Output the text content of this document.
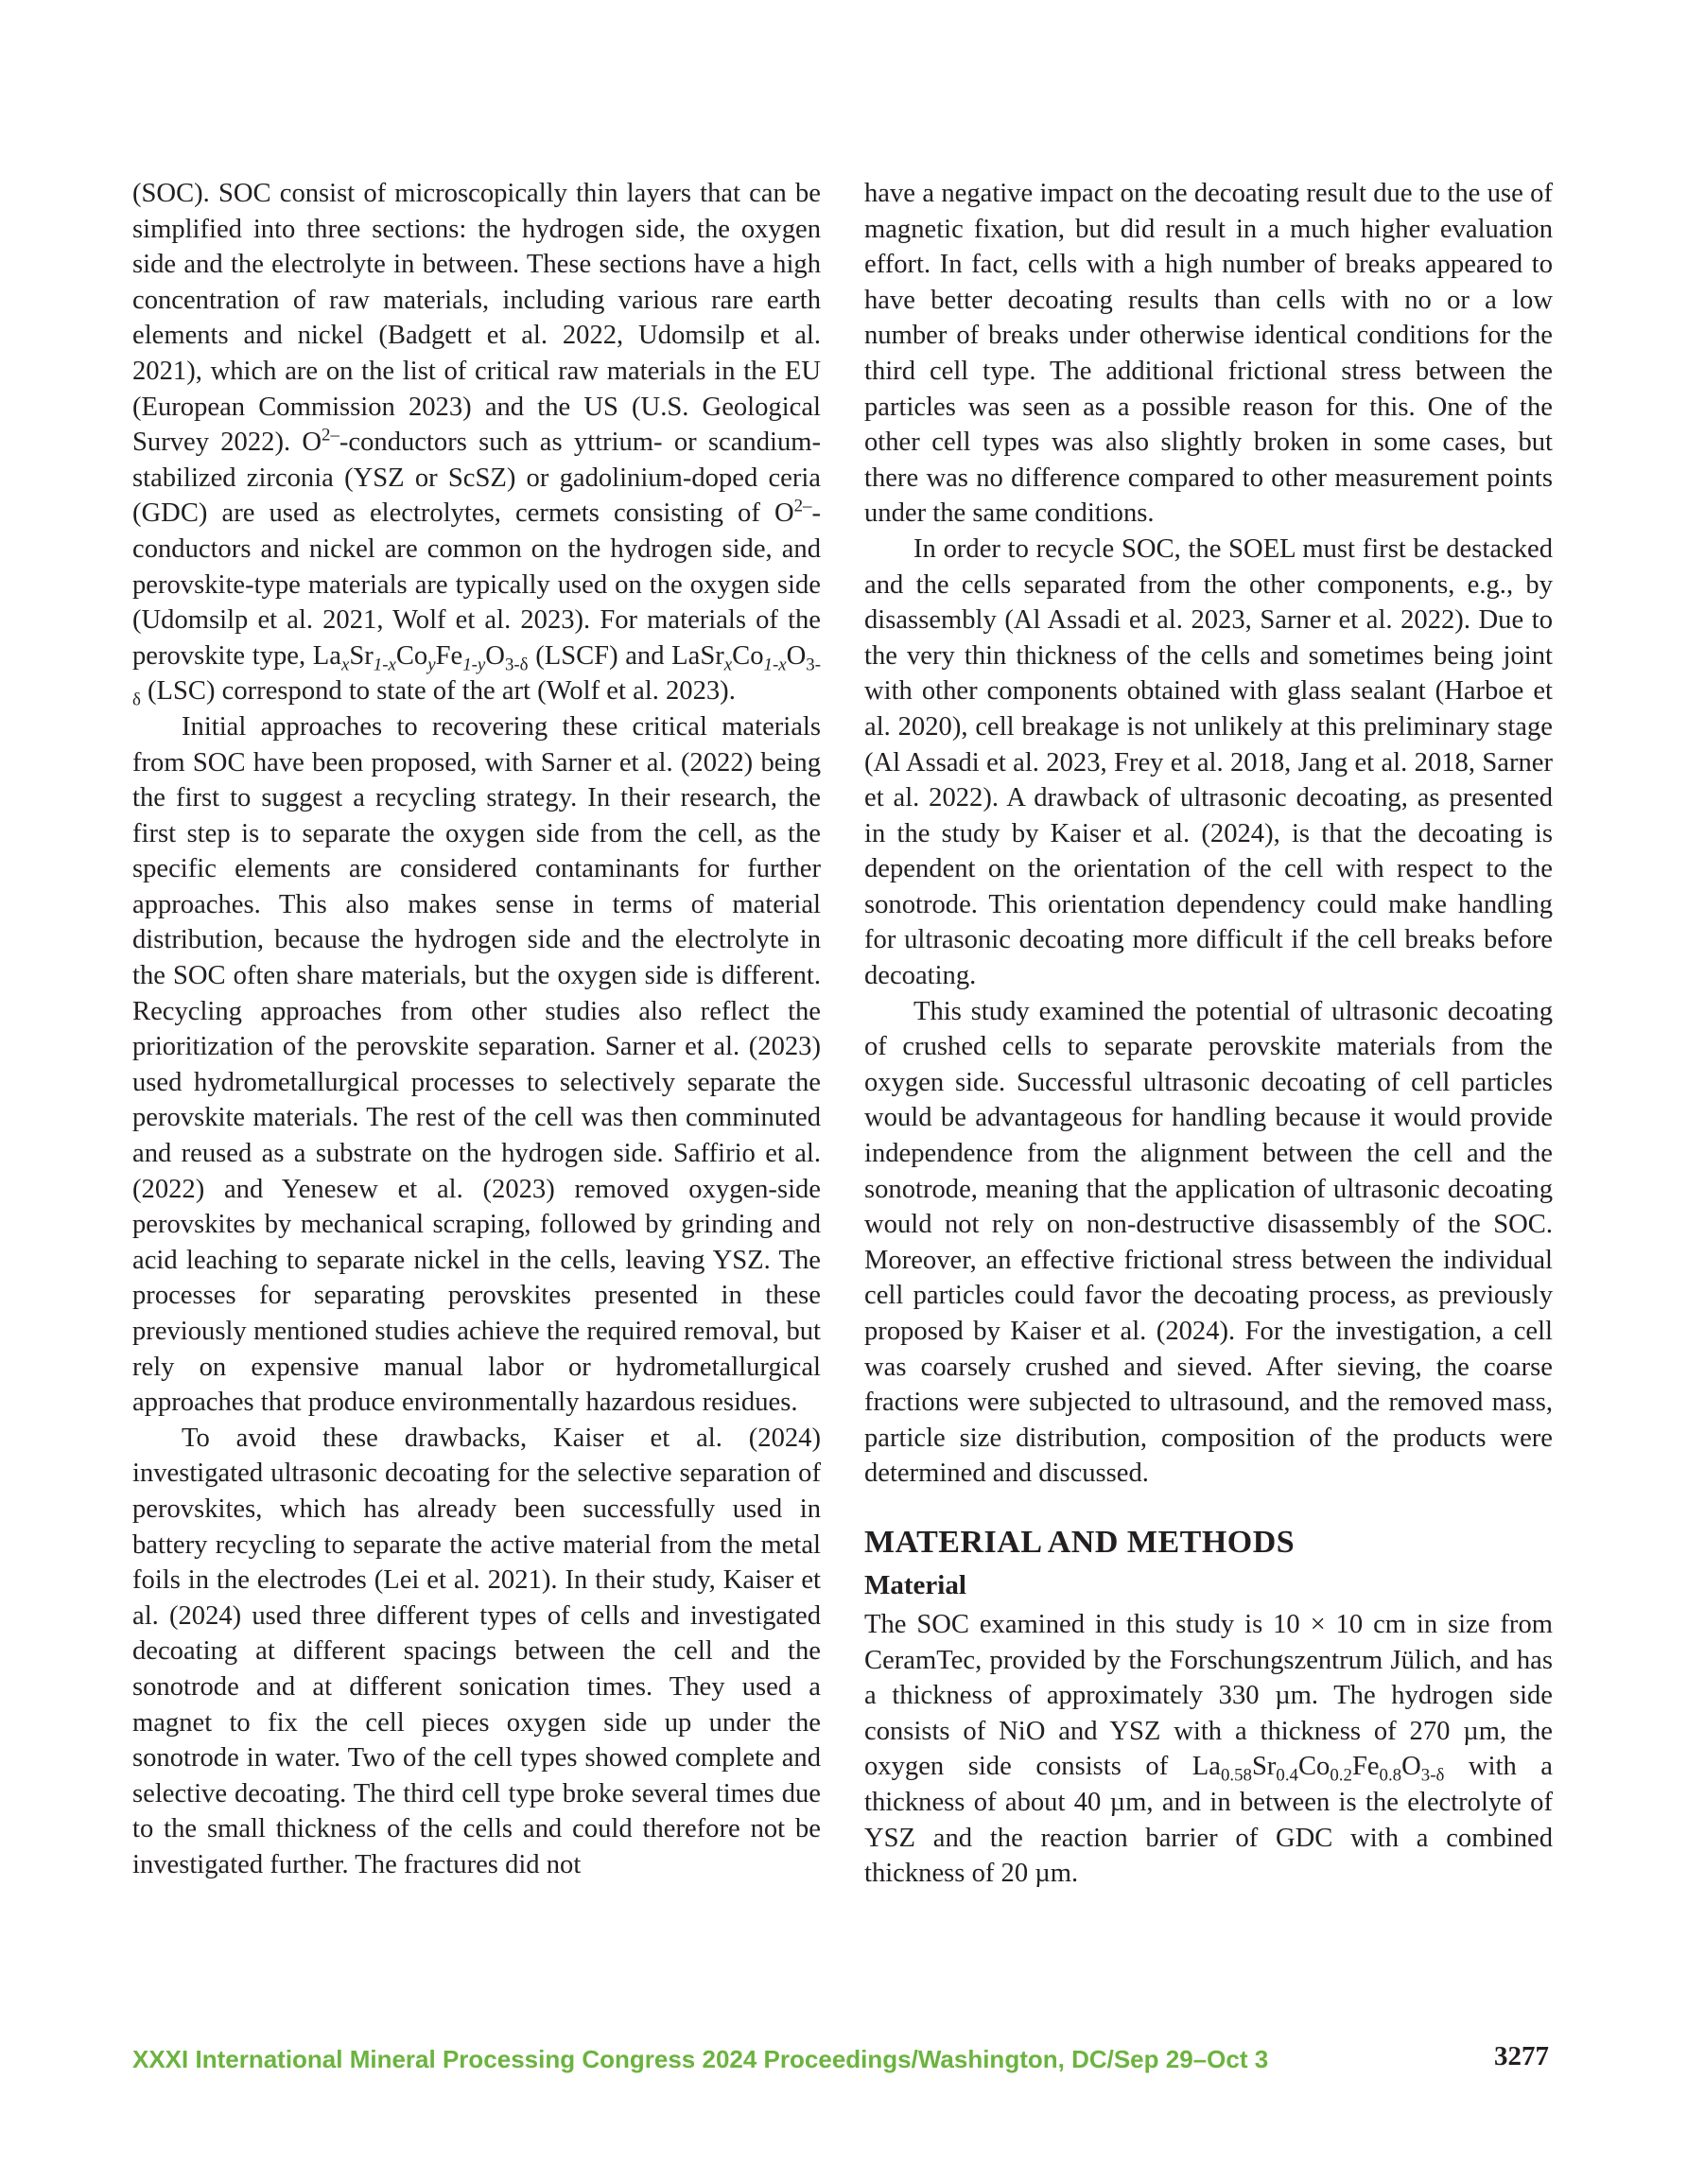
(SOC). SOC consist of microscopically thin layers that can be simplified into three sections: the hydrogen side, the oxygen side and the electrolyte in between. These sections have a high concentration of raw materials, including various rare earth elements and nickel (Badgett et al. 2022, Udomsilp et al. 2021), which are on the list of critical raw materials in the EU (European Commission 2023) and the US (U.S. Geological Survey 2022). $O^{2-}$-conductors such as yttrium- or scandium-stabilized zirconia (YSZ or ScSZ) or gadolinium-doped ceria (GDC) are used as electrolytes, cermets consisting of $O^{2-}$-conductors and nickel are common on the hydrogen side, and perovskite-type materials are typically used on the oxygen side (Udomsilp et al. 2021, Wolf et al. 2023). For materials of the perovskite type, $La_xSr_{1-x}Co_yFe_{1-y}O_{3-\delta}$ (LSCF) and $LaSr_xCo_{1-x}O_{3-\delta}$ (LSC) correspond to state of the art (Wolf et al. 2023).

Initial approaches to recovering these critical materials from SOC have been proposed, with Sarner et al. (2022) being the first to suggest a recycling strategy. In their research, the first step is to separate the oxygen side from the cell, as the specific elements are considered contaminants for further approaches. This also makes sense in terms of material distribution, because the hydrogen side and the electrolyte in the SOC often share materials, but the oxygen side is different. Recycling approaches from other studies also reflect the prioritization of the perovskite separation. Sarner et al. (2023) used hydrometallurgical processes to selectively separate the perovskite materials. The rest of the cell was then comminuted and reused as a substrate on the hydrogen side. Saffirio et al. (2022) and Yenesew et al. (2023) removed oxygen-side perovskites by mechanical scraping, followed by grinding and acid leaching to separate nickel in the cells, leaving YSZ. The processes for separating perovskites presented in these previously mentioned studies achieve the required removal, but rely on expensive manual labor or hydrometallurgical approaches that produce environmentally hazardous residues.

To avoid these drawbacks, Kaiser et al. (2024) investigated ultrasonic decoating for the selective separation of perovskites, which has already been successfully used in battery recycling to separate the active material from the metal foils in the electrodes (Lei et al. 2021). In their study, Kaiser et al. (2024) used three different types of cells and investigated decoating at different spacings between the cell and the sonotrode and at different sonication times. They used a magnet to fix the cell pieces oxygen side up under the sonotrode in water. Two of the cell types showed complete and selective decoating. The third cell type broke several times due to the small thickness of the cells and could therefore not be investigated further. The fractures did not

have a negative impact on the decoating result due to the use of magnetic fixation, but did result in a much higher evaluation effort. In fact, cells with a high number of breaks appeared to have better decoating results than cells with no or a low number of breaks under otherwise identical conditions for the third cell type. The additional frictional stress between the particles was seen as a possible reason for this. One of the other cell types was also slightly broken in some cases, but there was no difference compared to other measurement points under the same conditions.

In order to recycle SOC, the SOEL must first be destacked and the cells separated from the other components, e.g., by disassembly (Al Assadi et al. 2023, Sarner et al. 2022). Due to the very thin thickness of the cells and sometimes being joint with other components obtained with glass sealant (Harboe et al. 2020), cell breakage is not unlikely at this preliminary stage (Al Assadi et al. 2023, Frey et al. 2018, Jang et al. 2018, Sarner et al. 2022). A drawback of ultrasonic decoating, as presented in the study by Kaiser et al. (2024), is that the decoating is dependent on the orientation of the cell with respect to the sonotrode. This orientation dependency could make handling for ultrasonic decoating more difficult if the cell breaks before decoating.

This study examined the potential of ultrasonic decoating of crushed cells to separate perovskite materials from the oxygen side. Successful ultrasonic decoating of cell particles would be advantageous for handling because it would provide independence from the alignment between the cell and the sonotrode, meaning that the application of ultrasonic decoating would not rely on non-destructive disassembly of the SOC. Moreover, an effective frictional stress between the individual cell particles could favor the decoating process, as previously proposed by Kaiser et al. (2024). For the investigation, a cell was coarsely crushed and sieved. After sieving, the coarse fractions were subjected to ultrasound, and the removed mass, particle size distribution, composition of the products were determined and discussed.

MATERIAL AND METHODS
Material

The SOC examined in this study is 10 × 10 cm in size from CeramTec, provided by the Forschungszentrum Jülich, and has a thickness of approximately 330 µm. The hydrogen side consists of NiO and YSZ with a thickness of 270 µm, the oxygen side consists of $La_{0.58}Sr_{0.4}Co_{0.2}Fe_{0.8}O_{3-\delta}$ with a thickness of about 40 µm, and in between is the electrolyte of YSZ and the reaction barrier of GDC with a combined thickness of 20 µm.

XXXI International Mineral Processing Congress 2024 Proceedings/Washington, DC/Sep 29–Oct 3	3277
